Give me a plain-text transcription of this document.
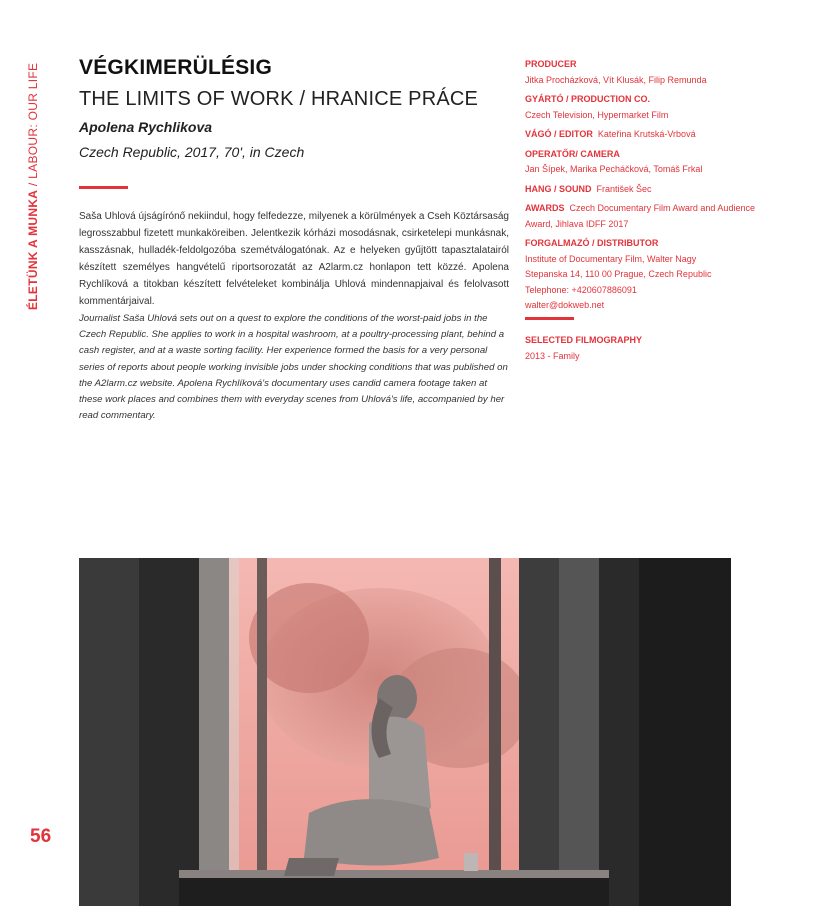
ÉLETÜNK A MUNKA / LABOUR: OUR LIFE
56
VÉGKIMERÜLÉSIG
THE LIMITS OF WORK / HRANICE PRÁCE
Apolena Rychlikova
Czech Republic, 2017, 70', in Czech

Saša Uhlová újságírónő nekiindul, hogy felfedezze, milyenek a körülmények a Cseh Köztársaság legrosszabbul fizetett munkaköreiben. Jelentkezik kórházi mosodásnak, csirketelepi munkásnak, kasszásnak, hulladék-feldolgozóba szemétválogatónak. Az e helyeken gyűjtött tapasztalatairól készített személyes hangvételű riportsorozatát az A2larm.cz honlapon tett közzé. Apolena Rychlíková a titokban készített felvételeket kombinálja Uhlová mindennapjaival és felolvasott kommentárjaival.

Journalist Saša Uhlová sets out on a quest to explore the conditions of the worst-paid jobs in the Czech Republic. She applies to work in a hospital washroom, at a poultry-processing plant, behind a cash register, and at a waste sorting facility. Her experience formed the basis for a very personal series of reports about people working invisible jobs under shocking conditions that was published on the A2larm.cz website. Apolena Rychlíková's documentary uses candid camera footage taken at these work places and combines them with everyday scenes from Uhlová's life, accompanied by her read commentary.

PRODUCER
Jitka Procházková, Vít Klusák, Filip Remunda
GYÁRTÓ / PRODUCTION CO.
Czech Television, Hypermarket Film
VÁGÓ / EDITOR Kateřina Krutská-Vrbová
OPERATŐR/ CAMERA
Jan Šípek, Marika Pecháčková, Tomáš Frkal
HANG / SOUND František Šec
AWARDS Czech Documentary Film Award and Audience Award, Jihlava IDFF 2017
FORGALMAZÓ / DISTRIBUTOR
Institute of Documentary Film, Walter Nagy
Stepanska 14, 110 00 Prague, Czech Republic
Telephone: +420607886091
walter@dokweb.net
SELECTED FILMOGRAPHY
2013 - Family
